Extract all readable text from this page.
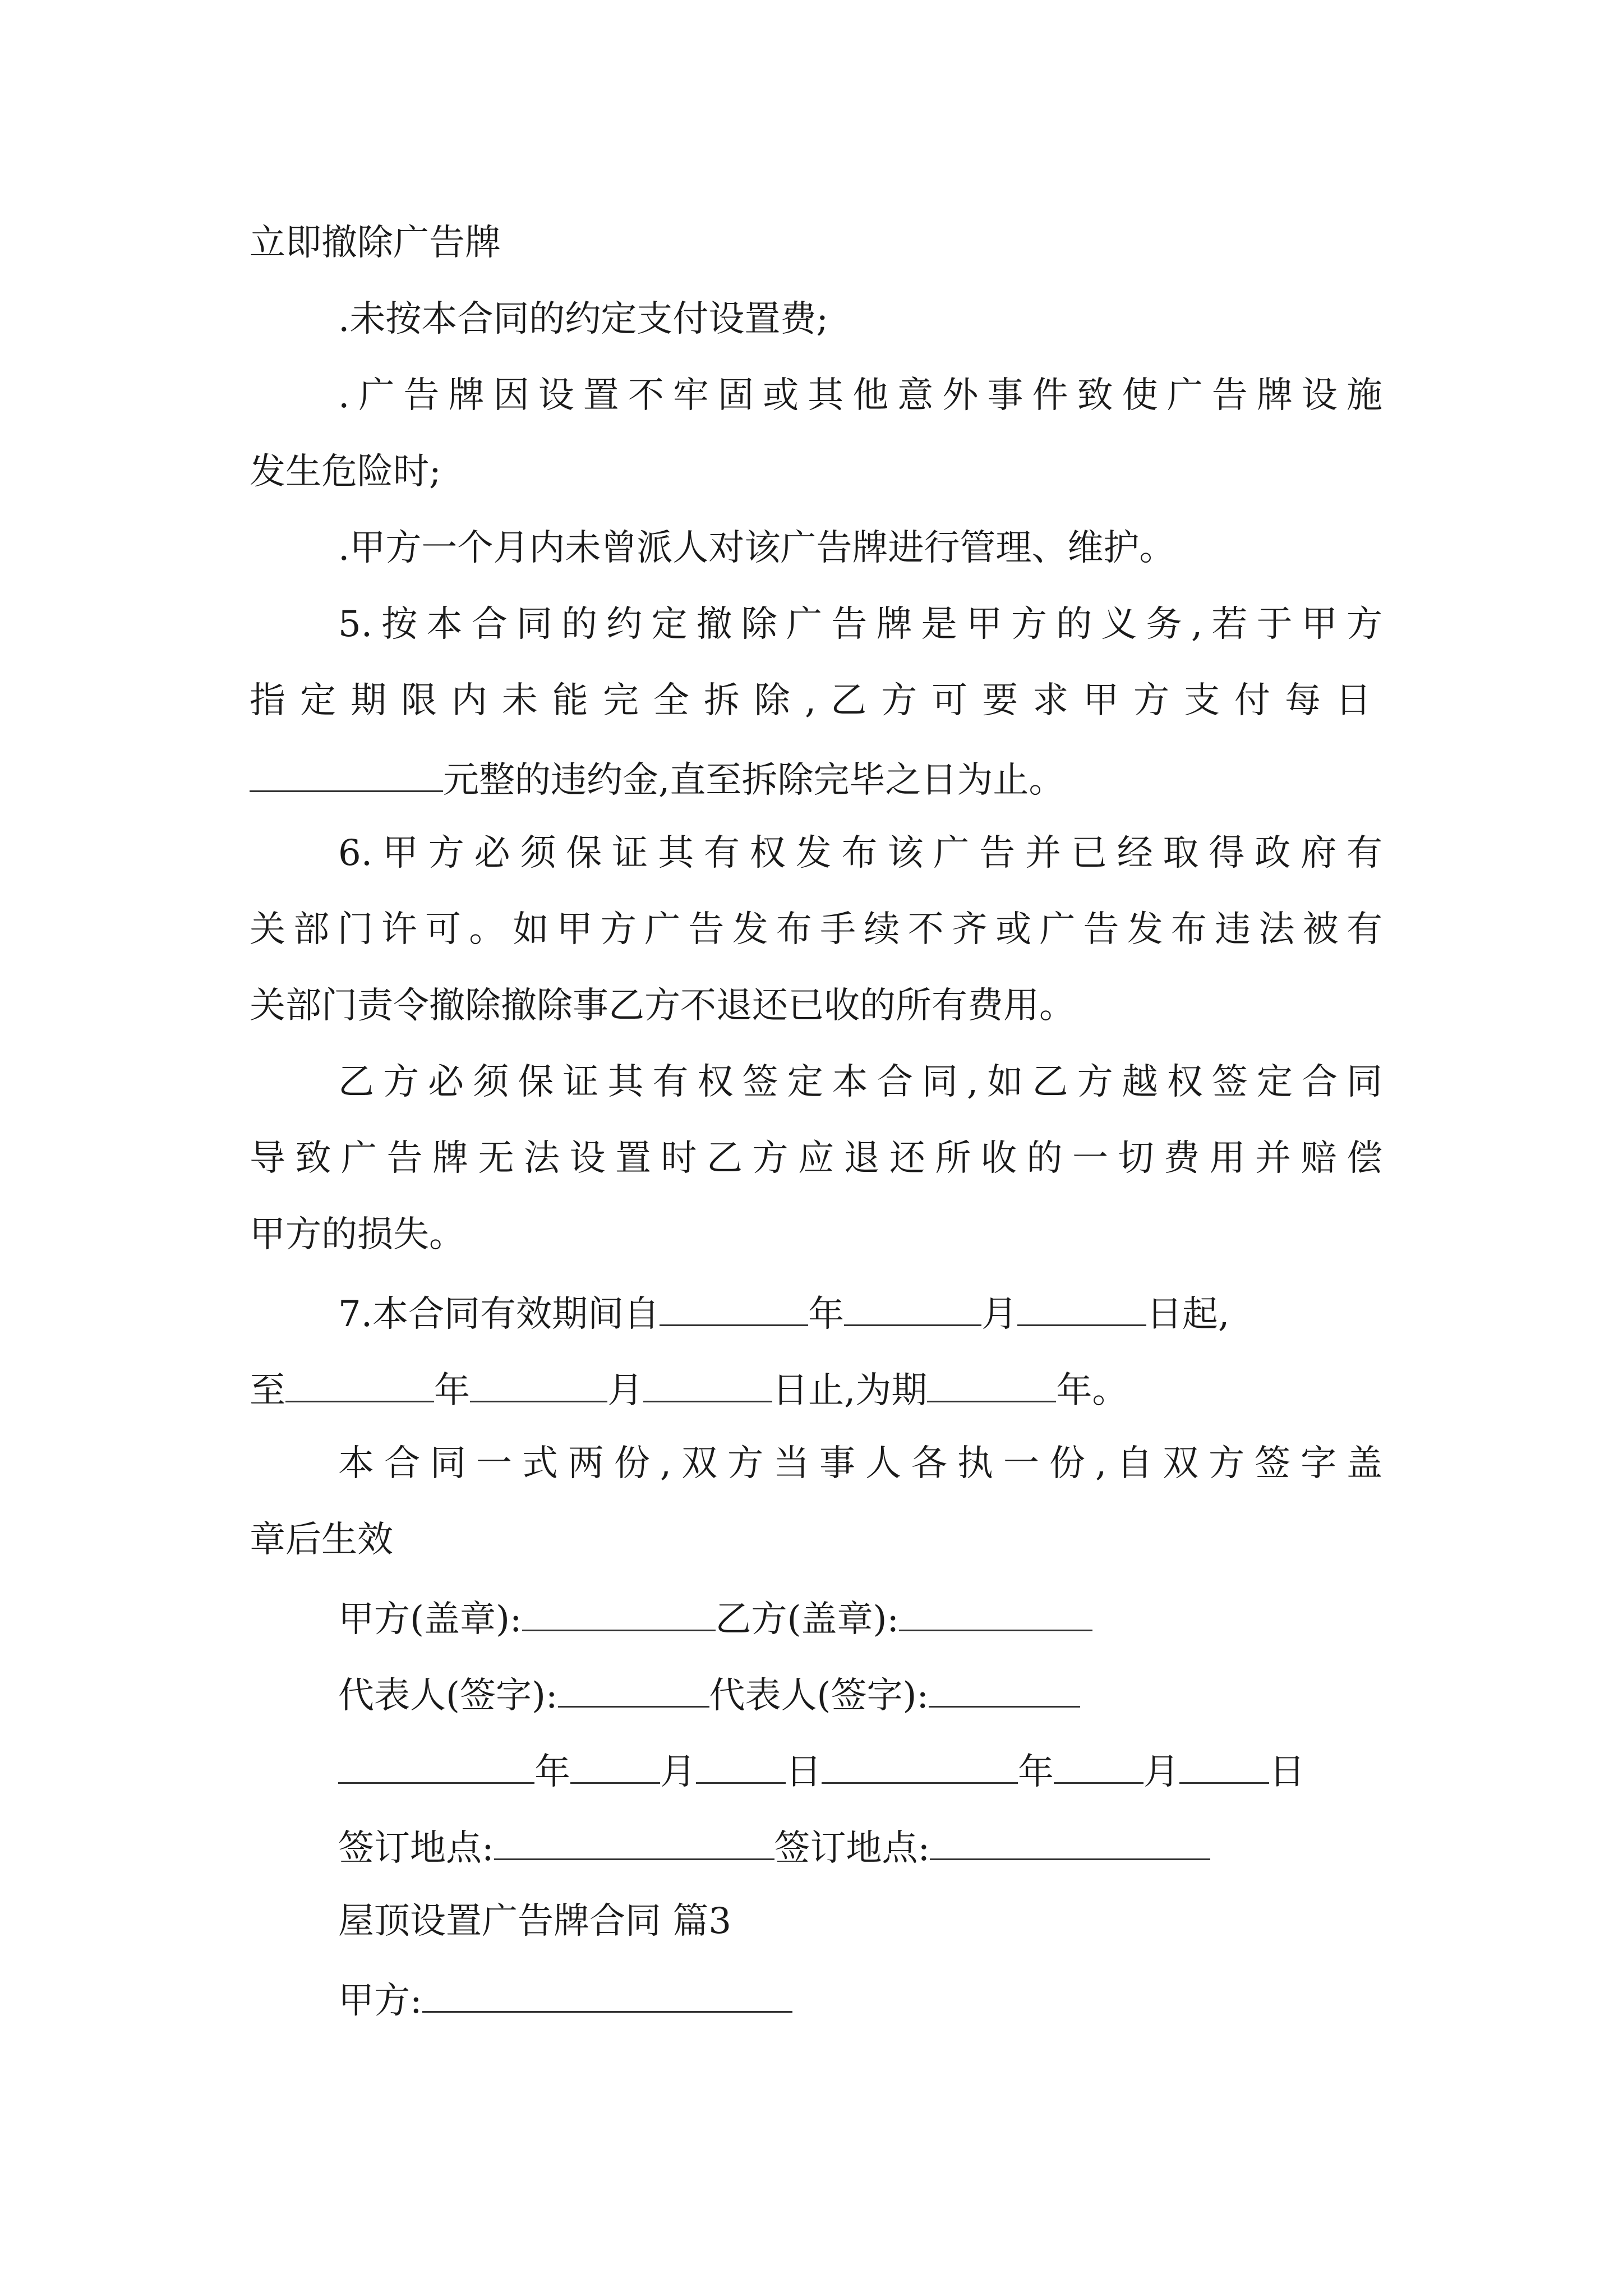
立即撤除广告牌
.未按本合同的约定支付设置费;
.广告牌因设置不牢固或其他意外事件致使广告牌设施
发生危险时;
.甲方一个月内未曾派人对该广告牌进行管理、维护。
5.按本合同的约定撤除广告牌是甲方的义务,若于甲方
指定期限内未能完全拆除,乙方可要求甲方支付每日
元整的违约金,直至拆除完毕之日为止。
6.甲方必须保证其有权发布该广告并已经取得政府有
关部门许可。如甲方广告发布手续不齐或广告发布违法被有
关部门责令撤除撤除事乙方不退还已收的所有费用。
乙方必须保证其有权签定本合同,如乙方越权签定合同
导致广告牌无法设置时乙方应退还所收的一切费用并赔偿
甲方的损失。
7.本合同有效期间自	年	月	日起,
至	年	月	日止,为期	年。
本合同一式两份,双方当事人各执一份,自双方签字盖
章后生效
甲方(盖章):	乙方(盖章):
代表人(签字):	代表人(签字):
年	月	日	年	月	日
签订地点:	签订地点:
屋顶设置广告牌合同 篇3
甲方:
